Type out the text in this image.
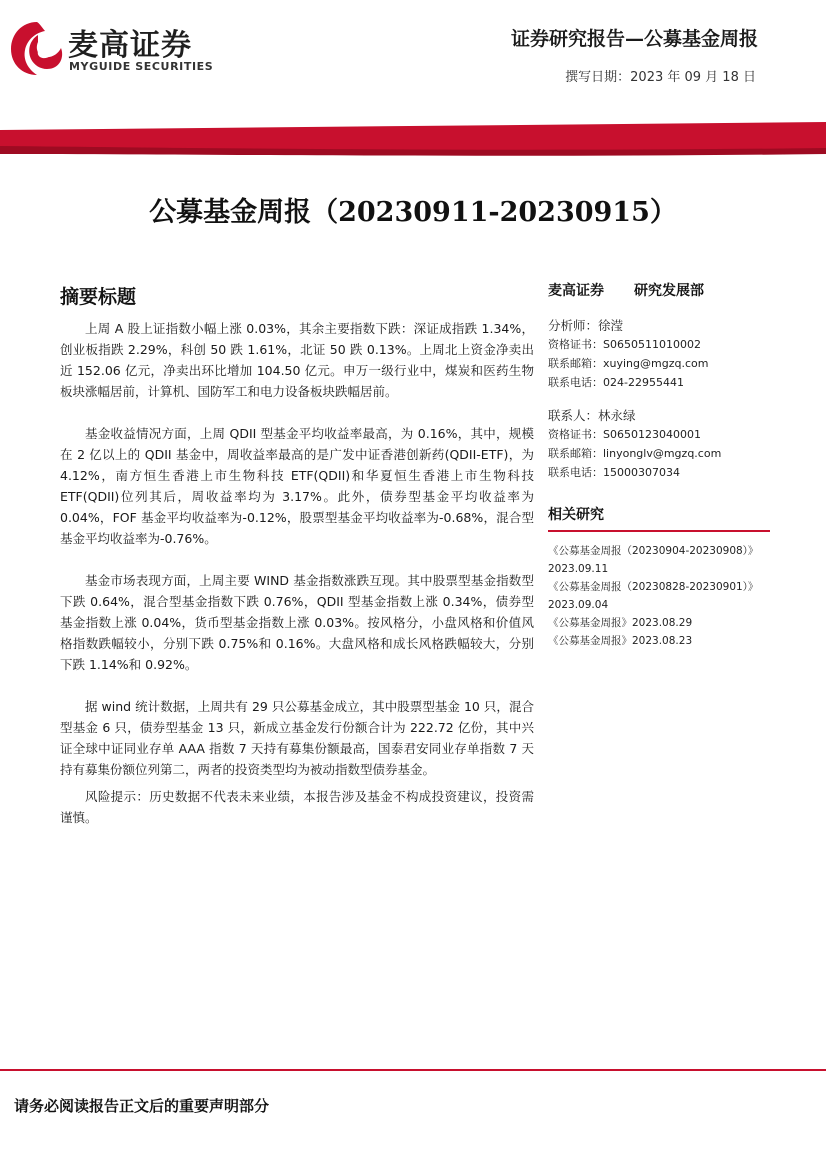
麦高证券
MYGUIDE SECURITIES
证券研究报告—公募基金周报
撰写日期：2023 年 09 月 18 日
公募基金周报（20230911-20230915）
摘要标题

上周 A 股上证指数小幅上涨 0.03%，其余主要指数下跌：深证成指跌 1.34%，创业板指跌 2.29%，科创 50 跌 1.61%，北证 50 跌 0.13%。上周北上资金净卖出近 152.06 亿元，净卖出环比增加 104.50 亿元。申万一级行业中，煤炭和医药生物板块涨幅居前，计算机、国防军工和电力设备板块跌幅居前。

基金收益情况方面，上周 QDII 型基金平均收益率最高，为 0.16%，其中，规模在 2 亿以上的 QDII 基金中，周收益率最高的是广发中证香港创新药(QDII-ETF)，为 4.12%，南方恒生香港上市生物科技 ETF(QDII)和华夏恒生香港上市生物科技 ETF(QDII)位列其后，周收益率均为 3.17%。此外，债券型基金平均收益率为 0.04%，FOF 基金平均收益率为-0.12%，股票型基金平均收益率为-0.68%，混合型基金平均收益率为-0.76%。

基金市场表现方面，上周主要 WIND 基金指数涨跌互现。其中股票型基金指数型下跌 0.64%，混合型基金指数下跌 0.76%，QDII 型基金指数上涨 0.34%，债券型基金指数上涨 0.04%，货币型基金指数上涨 0.03%。按风格分，小盘风格和价值风格指数跌幅较小，分别下跌 0.75%和 0.16%。大盘风格和成长风格跌幅较大，分别下跌 1.14%和 0.92%。

据 wind 统计数据，上周共有 29 只公募基金成立，其中股票型基金 10 只，混合型基金 6 只，债券型基金 13 只，新成立基金发行份额合计为 222.72 亿份，其中兴证全球中证同业存单 AAA 指数 7 天持有募集份额最高，国泰君安同业存单指数 7 天持有募集份额位列第二，两者的投资类型均为被动指数型债券基金。

风险提示：历史数据不代表未来业绩，本报告涉及基金不构成投资建议，投资需谨慎。

麦高证券 研究发展部
分析师：徐滢
资格证书：S0650511010002
联系邮箱：xuying@mgzq.com
联系电话：024-22955441
联系人：林永绿
资格证书：S0650123040001
联系邮箱：linyonglv@mgzq.com
联系电话：15000307034
相关研究
《公募基金周报（20230904-20230908）》
2023.09.11
《公募基金周报（20230828-20230901）》
2023.09.04
《公募基金周报》2023.08.29
《公募基金周报》2023.08.23
请务必阅读报告正文后的重要声明部分
